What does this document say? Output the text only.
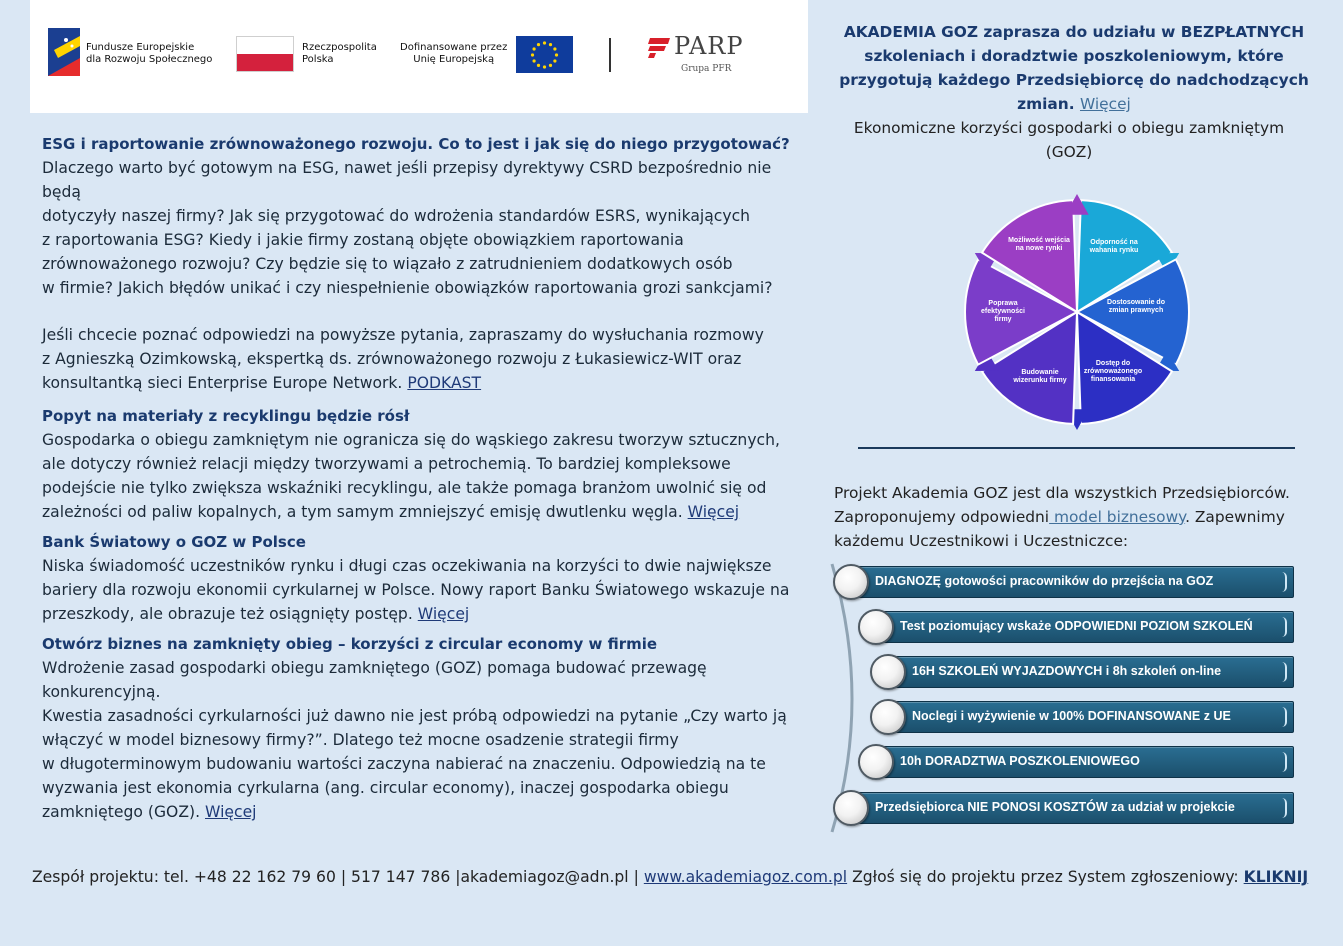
Fundusze Europejskie
dla Rozwoju Społecznego
Rzeczpospolita
Polska
Dofinansowane przez
Unię Europejską	PARP
Grupa PFR
ESG i raportowanie zrównoważonego rozwoju. Co to jest i jak się do niego przygotować?

Dlaczego warto być gotowym na ESG, nawet jeśli przepisy dyrektywy CSRD bezpośrednio nie będą

dotyczyły naszej firmy? Jak się przygotować do wdrożenia standardów ESRS, wynikających

z raportowania ESG? Kiedy i jakie firmy zostaną objęte obowiązkiem raportowania

zrównoważonego rozwoju? Czy będzie się to wiązało z zatrudnieniem dodatkowych osób

w firmie? Jakich błędów unikać i czy niespełnienie obowiązków raportowania grozi sankcjami?

Jeśli chcecie poznać odpowiedzi na powyższe pytania, zapraszamy do wysłuchania rozmowy

z Agnieszką Ozimkowską, ekspertką ds. zrównoważonego rozwoju z Łukasiewicz-WIT oraz

konsultantką sieci Enterprise Europe Network. PODKAST

Popyt na materiały z recyklingu będzie rósł

Gospodarka o obiegu zamkniętym nie ogranicza się do wąskiego zakresu tworzyw sztucznych,

ale dotyczy również relacji między tworzywami a petrochemią. To bardziej kompleksowe

podejście nie tylko zwiększa wskaźniki recyklingu, ale także pomaga branżom uwolnić się od

zależności od paliw kopalnych, a tym samym zmniejszyć emisję dwutlenku węgla. Więcej

Bank Światowy o GOZ w Polsce

Niska świadomość uczestników rynku i długi czas oczekiwania na korzyści to dwie największe

bariery dla rozwoju ekonomii cyrkularnej w Polsce. Nowy raport Banku Światowego wskazuje na

przeszkody, ale obrazuje też osiągnięty postęp. Więcej

Otwórz biznes na zamknięty obieg – korzyści z circular economy w firmie

Wdrożenie zasad gospodarki obiegu zamkniętego (GOZ) pomaga budować przewagę

konkurencyjną.

Kwestia zasadności cyrkularności już dawno nie jest próbą odpowiedzi na pytanie „Czy warto ją

włączyć w model biznesowy firmy?”. Dlatego też mocne osadzenie strategii firmy

w długoterminowym budowaniu wartości zaczyna nabierać na znaczeniu. Odpowiedzią na te

wyzwania jest ekonomia cyrkularna (ang. circular economy), inaczej gospodarka obiegu

zamkniętego (GOZ). Więcej

AKADEMIA GOZ zaprasza do udziału w BEZPŁATNYCH
szkoleniach i doradztwie poszkoleniowym, które
przygotują każdego Przedsiębiorcę do nadchodzących
zmian. Więcej
Ekonomiczne korzyści gospodarki o obiegu zamkniętym
(GOZ)
Odporność na wahania rynku
Dostosowanie do zmian prawnych
Dostęp do zrównoważonego finansowania
Budowanie wizerunku firmy
Poprawa efektywności firmy
Możliwość wejścia na nowe rynki
Projekt Akademia GOZ jest dla wszystkich Przedsiębiorców.
Zaproponujemy odpowiedni model biznesowy. Zapewnimy
każdemu Uczestnikowi i Uczestniczce:
DIAGNOZĘ gotowości pracowników do przejścia na GOZ
Test poziomujący wskaże ODPOWIEDNI POZIOM SZKOLEŃ
16H SZKOLEŃ WYJAZDOWYCH i 8h szkoleń on-line
Noclegi i wyżywienie w 100% DOFINANSOWANE z UE
10h DORADZTWA POSZKOLENIOWEGO
Przedsiębiorca NIE PONOSI KOSZTÓW za udział w projekcie
Zespół projektu: tel. +48 22 162 79 60 | 517 147 786 |akademiagoz@adn.pl | www.akademiagoz.com.pl Zgłoś się do projektu przez System zgłoszeniowy: KLIKNIJ
